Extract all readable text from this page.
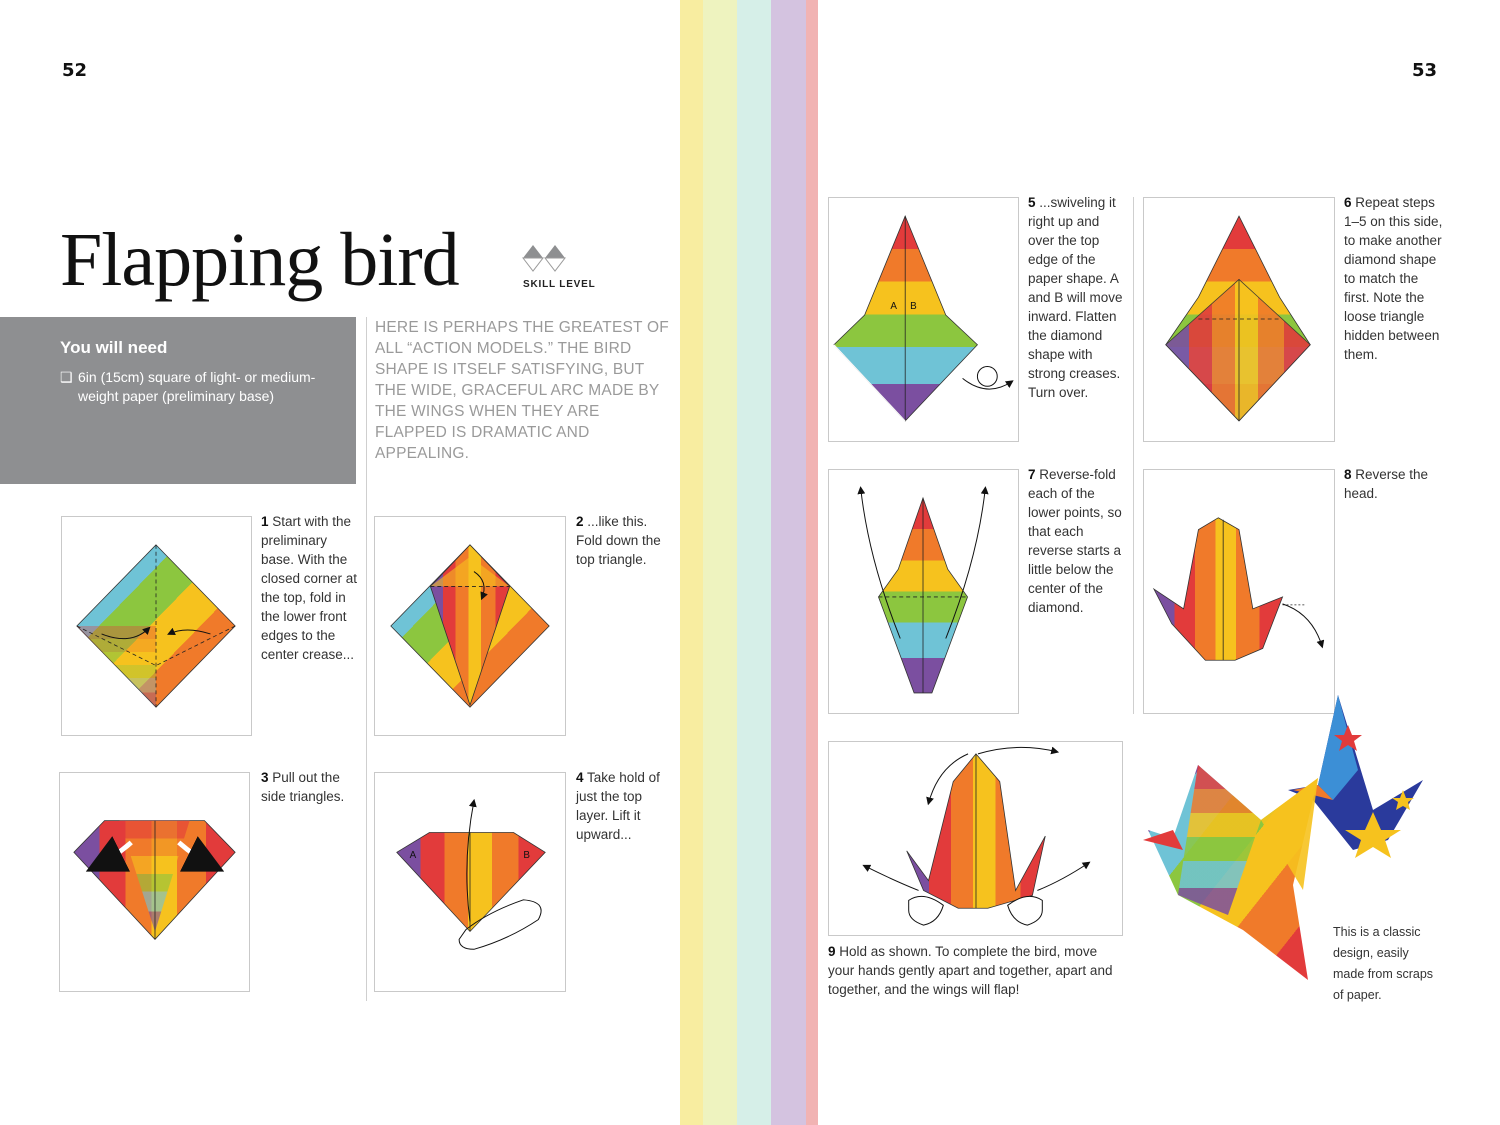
52	53
Flapping bird	SKILL LEVEL
You will need
❑ 6in (15cm) square of light- or medium-weight paper (preliminary base)
HERE IS PERHAPS THE GREATEST OF ALL “ACTION MODELS.” THE BIRD SHAPE IS ITSELF SATISFYING, BUT THE WIDE, GRACEFUL ARC MADE BY THE WINGS WHEN THEY ARE FLAPPED IS DRAMATIC AND APPEALING.
1 Start with the preliminary base. With the closed corner at the top, fold in the lower front edges to the center crease...
2 ...like this. Fold down the top triangle.
3 Pull out the side triangles.
A	B
4 Take hold of just the top layer. Lift it upward...
A B
5 ...swiveling it right up and over the top edge of the paper shape. A and B will move inward. Flatten the diamond shape with strong creases. Turn over.
6 Repeat steps 1–5 on this side, to make another diamond shape to match the first. Note the loose triangle hidden between them.
7 Reverse-fold each of the lower points, so that each reverse starts a little below the center of the diamond.
8 Reverse the head.
9 Hold as shown. To complete the bird, move your hands gently apart and together, apart and together, and the wings will flap!
This is a classic design, easily made from scraps of paper.
